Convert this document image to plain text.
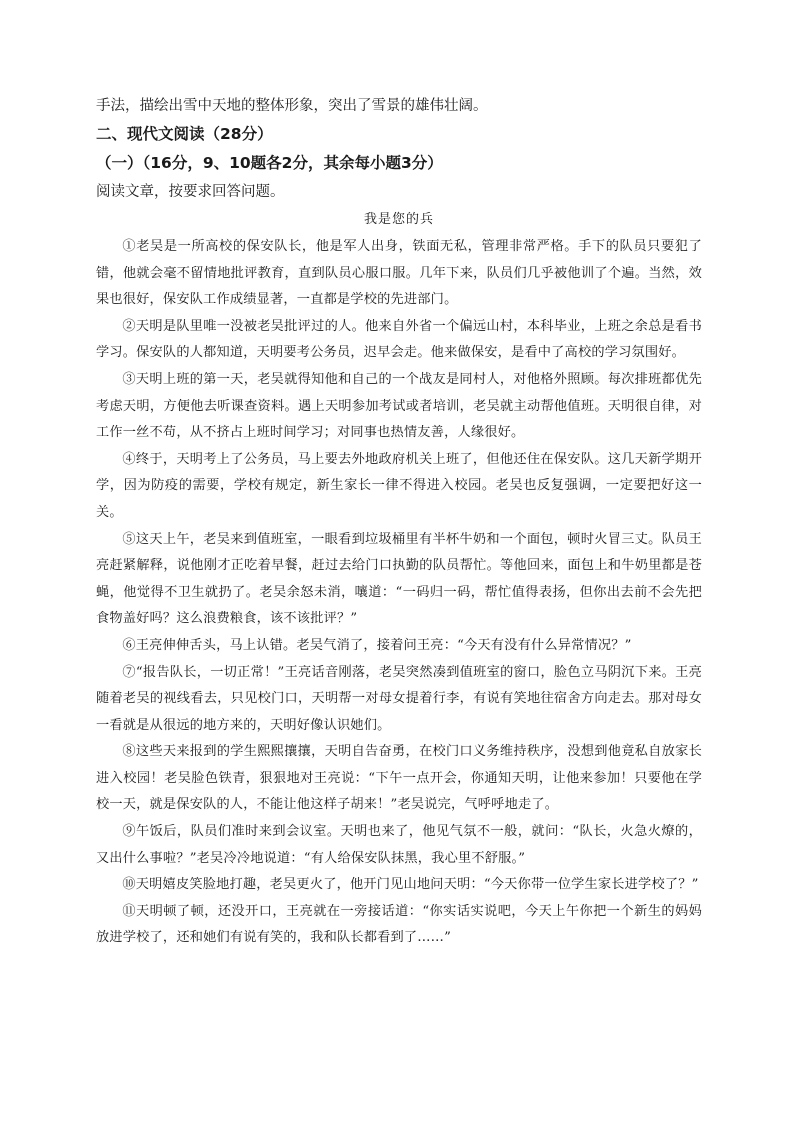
手法，描绘出雪中天地的整体形象，突出了雪景的雄伟壮阔。
二、现代文阅读（28分）
（一）（16分，9、10题各2分，其余每小题3分）
阅读文章，按要求回答问题。
我是您的兵

①老吴是一所高校的保安队长，他是军人出身，铁面无私，管理非常严格。手下的队员只要犯了错，他就会毫不留情地批评教育，直到队员心服口服。几年下来，队员们几乎被他训了个遍。当然，效果也很好，保安队工作成绩显著，一直都是学校的先进部门。

②天明是队里唯一没被老吴批评过的人。他来自外省一个偏远山村，本科毕业，上班之余总是看书学习。保安队的人都知道，天明要考公务员，迟早会走。他来做保安，是看中了高校的学习氛围好。

③天明上班的第一天，老吴就得知他和自己的一个战友是同村人，对他格外照顾。每次排班都优先考虑天明，方便他去听课查资料。遇上天明参加考试或者培训，老吴就主动帮他值班。天明很自律，对工作一丝不苟，从不挤占上班时间学习；对同事也热情友善，人缘很好。

④终于，天明考上了公务员，马上要去外地政府机关上班了，但他还住在保安队。这几天新学期开学，因为防疫的需要，学校有规定，新生家长一律不得进入校园。老吴也反复强调，一定要把好这一关。

⑤这天上午，老吴来到值班室，一眼看到垃圾桶里有半杯牛奶和一个面包，顿时火冒三丈。队员王亮赶紧解释，说他刚才正吃着早餐，赶过去给门口执勤的队员帮忙。等他回来，面包上和牛奶里都是苍蝇，他觉得不卫生就扔了。老吴余怒未消，嚷道：“一码归一码，帮忙值得表扬，但你出去前不会先把食物盖好吗？这么浪费粮食，该不该批评？”

⑥王亮伸伸舌头，马上认错。老吴气消了，接着问王亮：“今天有没有什么异常情况？”

⑦“报告队长，一切正常！”王亮话音刚落，老吴突然凑到值班室的窗口，脸色立马阴沉下来。王亮随着老吴的视线看去，只见校门口，天明帮一对母女提着行李，有说有笑地往宿舍方向走去。那对母女一看就是从很远的地方来的，天明好像认识她们。

⑧这些天来报到的学生熙熙攘攘，天明自告奋勇，在校门口义务维持秩序，没想到他竟私自放家长进入校园！老吴脸色铁青，狠狠地对王亮说：“下午一点开会，你通知天明，让他来参加！只要他在学校一天，就是保安队的人，不能让他这样子胡来！”老吴说完，气呼呼地走了。

⑨午饭后，队员们准时来到会议室。天明也来了，他见气氛不一般，就问：“队长，火急火燎的，又出什么事啦？”老吴冷冷地说道：“有人给保安队抹黑，我心里不舒服。”

⑩天明嬉皮笑脸地打趣，老吴更火了，他开门见山地问天明：“今天你带一位学生家长进学校了？”

⑪天明顿了顿，还没开口，王亮就在一旁接话道：“你实话实说吧，今天上午你把一个新生的妈妈放进学校了，还和她们有说有笑的，我和队长都看到了……”
